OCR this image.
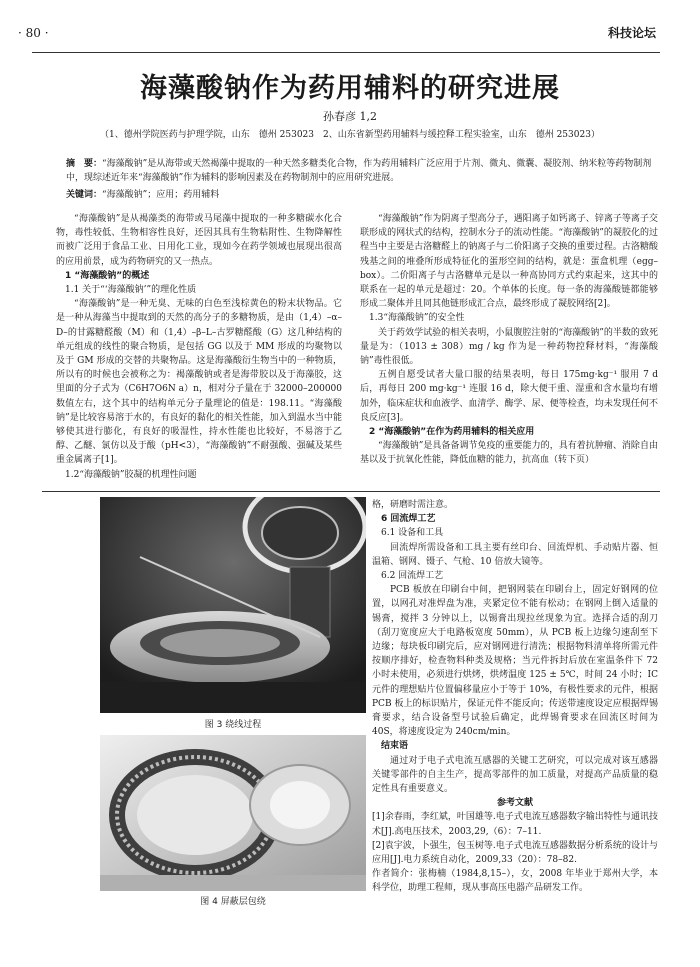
· 80 ·	科技论坛
海藻酸钠作为药用辅料的研究进展
孙春彦 1,2
（1、德州学院医药与护理学院，山东　德州 253023　2、山东省新型药用辅料与缓控释工程实验室，山东　德州 253023）
摘　要：“海藻酸钠”是从海带或天然褐藻中提取的一种天然多糖类化合物，作为药用辅料广泛应用于片剂、微丸、微囊、凝胶剂、纳米粒等药物制剂中，现综述近年来“海藻酸钠”作为辅料的影响因素及在药物制剂中的应用研究进展。
关键词：“海藻酸钠”；应用；药用辅料

“海藻酸钠”是从褐藻类的海带或马尾藻中提取的一种多糖碳水化合物，毒性较低、生物相容性良好，还因其具有生物粘附性、生物降解性而被广泛用于食品工业、日用化工业，现如今在药学领域也展现出很高的应用前景，成为药物研究的又一热点。

1 “海藻酸钠”的概述

1.1 关于“‘海藻酸钠’”的理化性质

“海藻酸钠”是一种无臭、无味的白色至浅棕黄色的粉末状物品。它是一种从海藻当中提取到的天然的高分子的多糖物质，是由（1,4）–α–D–的甘露糖醛酸（M）和（1,4）–β–L–古罗糖醛酸（G）这几种结构的单元组成的线性的聚合物质，是包括 GG 以及于 MM 形成的均聚物以及于 GM 形成的交替的共聚物品。这是海藻酸衍生物当中的一种物质，所以有的时候也会被称之为：褐藻酸钠或者是海带胶以及于海藻胶，这里面的分子式为（C6H7O6N a）n，相对分子量在于 32000–200000 数值左右，这个其中的结构单元分子量理论的值是：198.11。“海藻酸钠”是比较容易溶于水的，有良好的黏化的相关性能，加入到温水当中能够使其进行膨化，有良好的吸湿性，持水性能也比较好，不易溶于乙醇、乙醚、氯仿以及于酸（pH<3），“海藻酸钠”不耐强酸、强碱及某些重金属离子[1]。

1.2“海藻酸钠”胶凝的机理性问题

“海藻酸钠”作为阴离子型高分子，遇阳离子如钙离子、锌离子等离子交联形成的网状式的结构，控制水分子的流动性能。“海藻酸钠”的凝胶化的过程当中主要是古洛糖醛上的钠离子与二价阳离子交换的重要过程。古洛糖酸残基之间的堆叠所形成特征化的蛋形空间的结构，就是：蛋盒机理（egg–box）。二价阳离子与古洛糖单元是以一种高协同方式约束起来，这其中的联系在一起的单元是超过：20。个单体的长度。每一条的海藻酸链都能够形成二聚体并且同其他链形成汇合点，最终形成了凝胶网络[2]。

1.3“海藻酸钠”的安全性

关于药效学试验的相关表明，小鼠腹腔注射的“海藻酸钠”的半数的致死量是为：（1013 ± 308）mg / kg 作为是一种药物控释材料，“海藻酸钠”毒性很低。

五例自愿受试者大量口服的结果表明，每日 175mg·kg⁻¹ 服用 7 d 后，再每日 200 mg·kg⁻¹ 连服 16 d，除大便干重、湿重和含水量均有增加外，临床症状和血液学、血清学、酶学、尿、便等检查，均未发现任何不良反应[3]。

2 “海藻酸钠”在作为药用辅料的相关应用

“海藻酸钠”是具备备调节免疫的重要能力的，具有着抗肿瘤、消除自由基以及于抗氧化性能，降低血糖的能力，抗高血（转下页）

图 3 绕线过程
图 4 屏蔽层包绕

格，研磨时需注意。

6 回流焊工艺

6.1 设备和工具

回流焊所需设备和工具主要有丝印台、回流焊机、手动贴片器、恒温箱、钢网、镊子、气枪、10 倍放大镜等。

6.2 回流焊工艺

PCB 板放在印刷台中间，把钢网装在印刷台上，固定好钢网的位置，以网孔对准焊盘为准，夹紧定位不能有松动；在钢网上倒入适量的锡膏，搅拌 3 分钟以上，以锡膏出现拉丝现象为宜。选择合适的刮刀（刮刀宽度应大于电路板宽度 50mm），从 PCB 板上边缘匀速刮至下边缘；每块板印刷完后，应对钢网进行清洗；根据物料清单将所需元件按顺序排好，检查物料种类及规格；当元件拆封后放在室温条件下 72 小时未使用，必须进行烘烤，烘烤温度 125 ± 5℃，时间 24 小时；IC 元件的理想贴片位置偏移量应小于等于 10%，有极性要求的元件，根据 PCB 板上的标识贴片，保证元件不能反向；传送带速度设定应根据焊锡膏要求，结合设备型号试验后确定，此焊锡膏要求在回流区时间为 40S，将速度设定为 240cm/min。

结束语

通过对于电子式电流互感器的关键工艺研究，可以完成对该互感器关键零部件的自主生产，提高零部件的加工质量，对提高产品质量的稳定性具有重要意义。

参考文献

[1]余春雨，李红斌，叶国雄等.电子式电流互感器数字输出特性与通讯技术[J].高电压技术，2003,29,（6）：7–11.

[2]袁宇波，卜强生，包玉树等.电子式电流互感器数据分析系统的设计与应用[J].电力系统自动化，2009,33（20）：78–82.

作者简介：张梅楠（1984,8,15–），女，2008 年毕业于郑州大学，本科学位，助理工程师，现从事高压电器产品研发工作。
